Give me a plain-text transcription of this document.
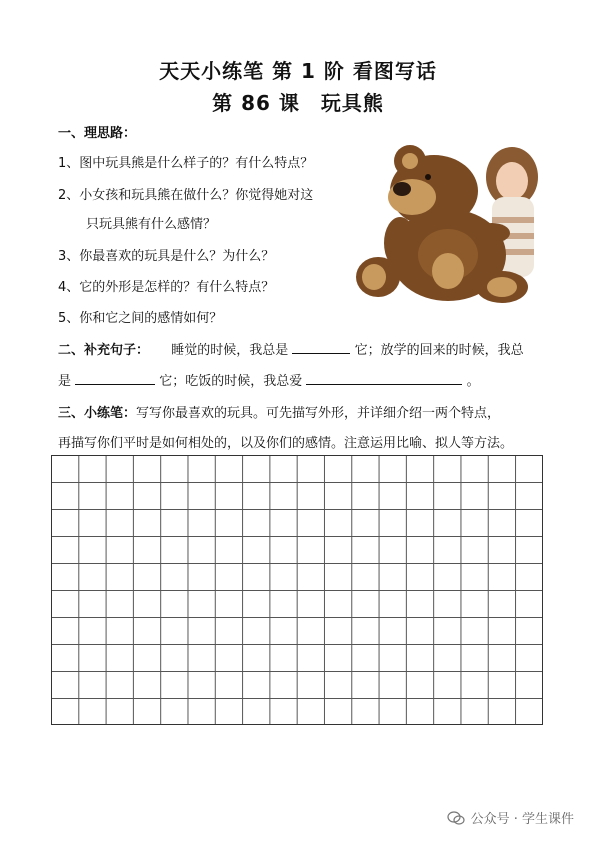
天天小练笔 第 1 阶 看图写话
第 86 课　玩具熊
一、理思路：
1、图中玩具熊是什么样子的？有什么特点？
2、小女孩和玩具熊在做什么？你觉得她对这
只玩具熊有什么感情？
3、你最喜欢的玩具是什么？为什么？
4、它的外形是怎样的？有什么特点？
5、你和它之间的感情如何？
二、补充句子： 睡觉的时候，我总是	它；放学的回来的时候，我总
是	它；吃饭的时候，我总爱	。
三、小练笔：写写你最喜欢的玩具。可先描写外形，并详细介绍一两个特点，
再描写你们平时是如何相处的，以及你们的感情。注意运用比喻、拟人等方法。
公众号 · 学生课件
